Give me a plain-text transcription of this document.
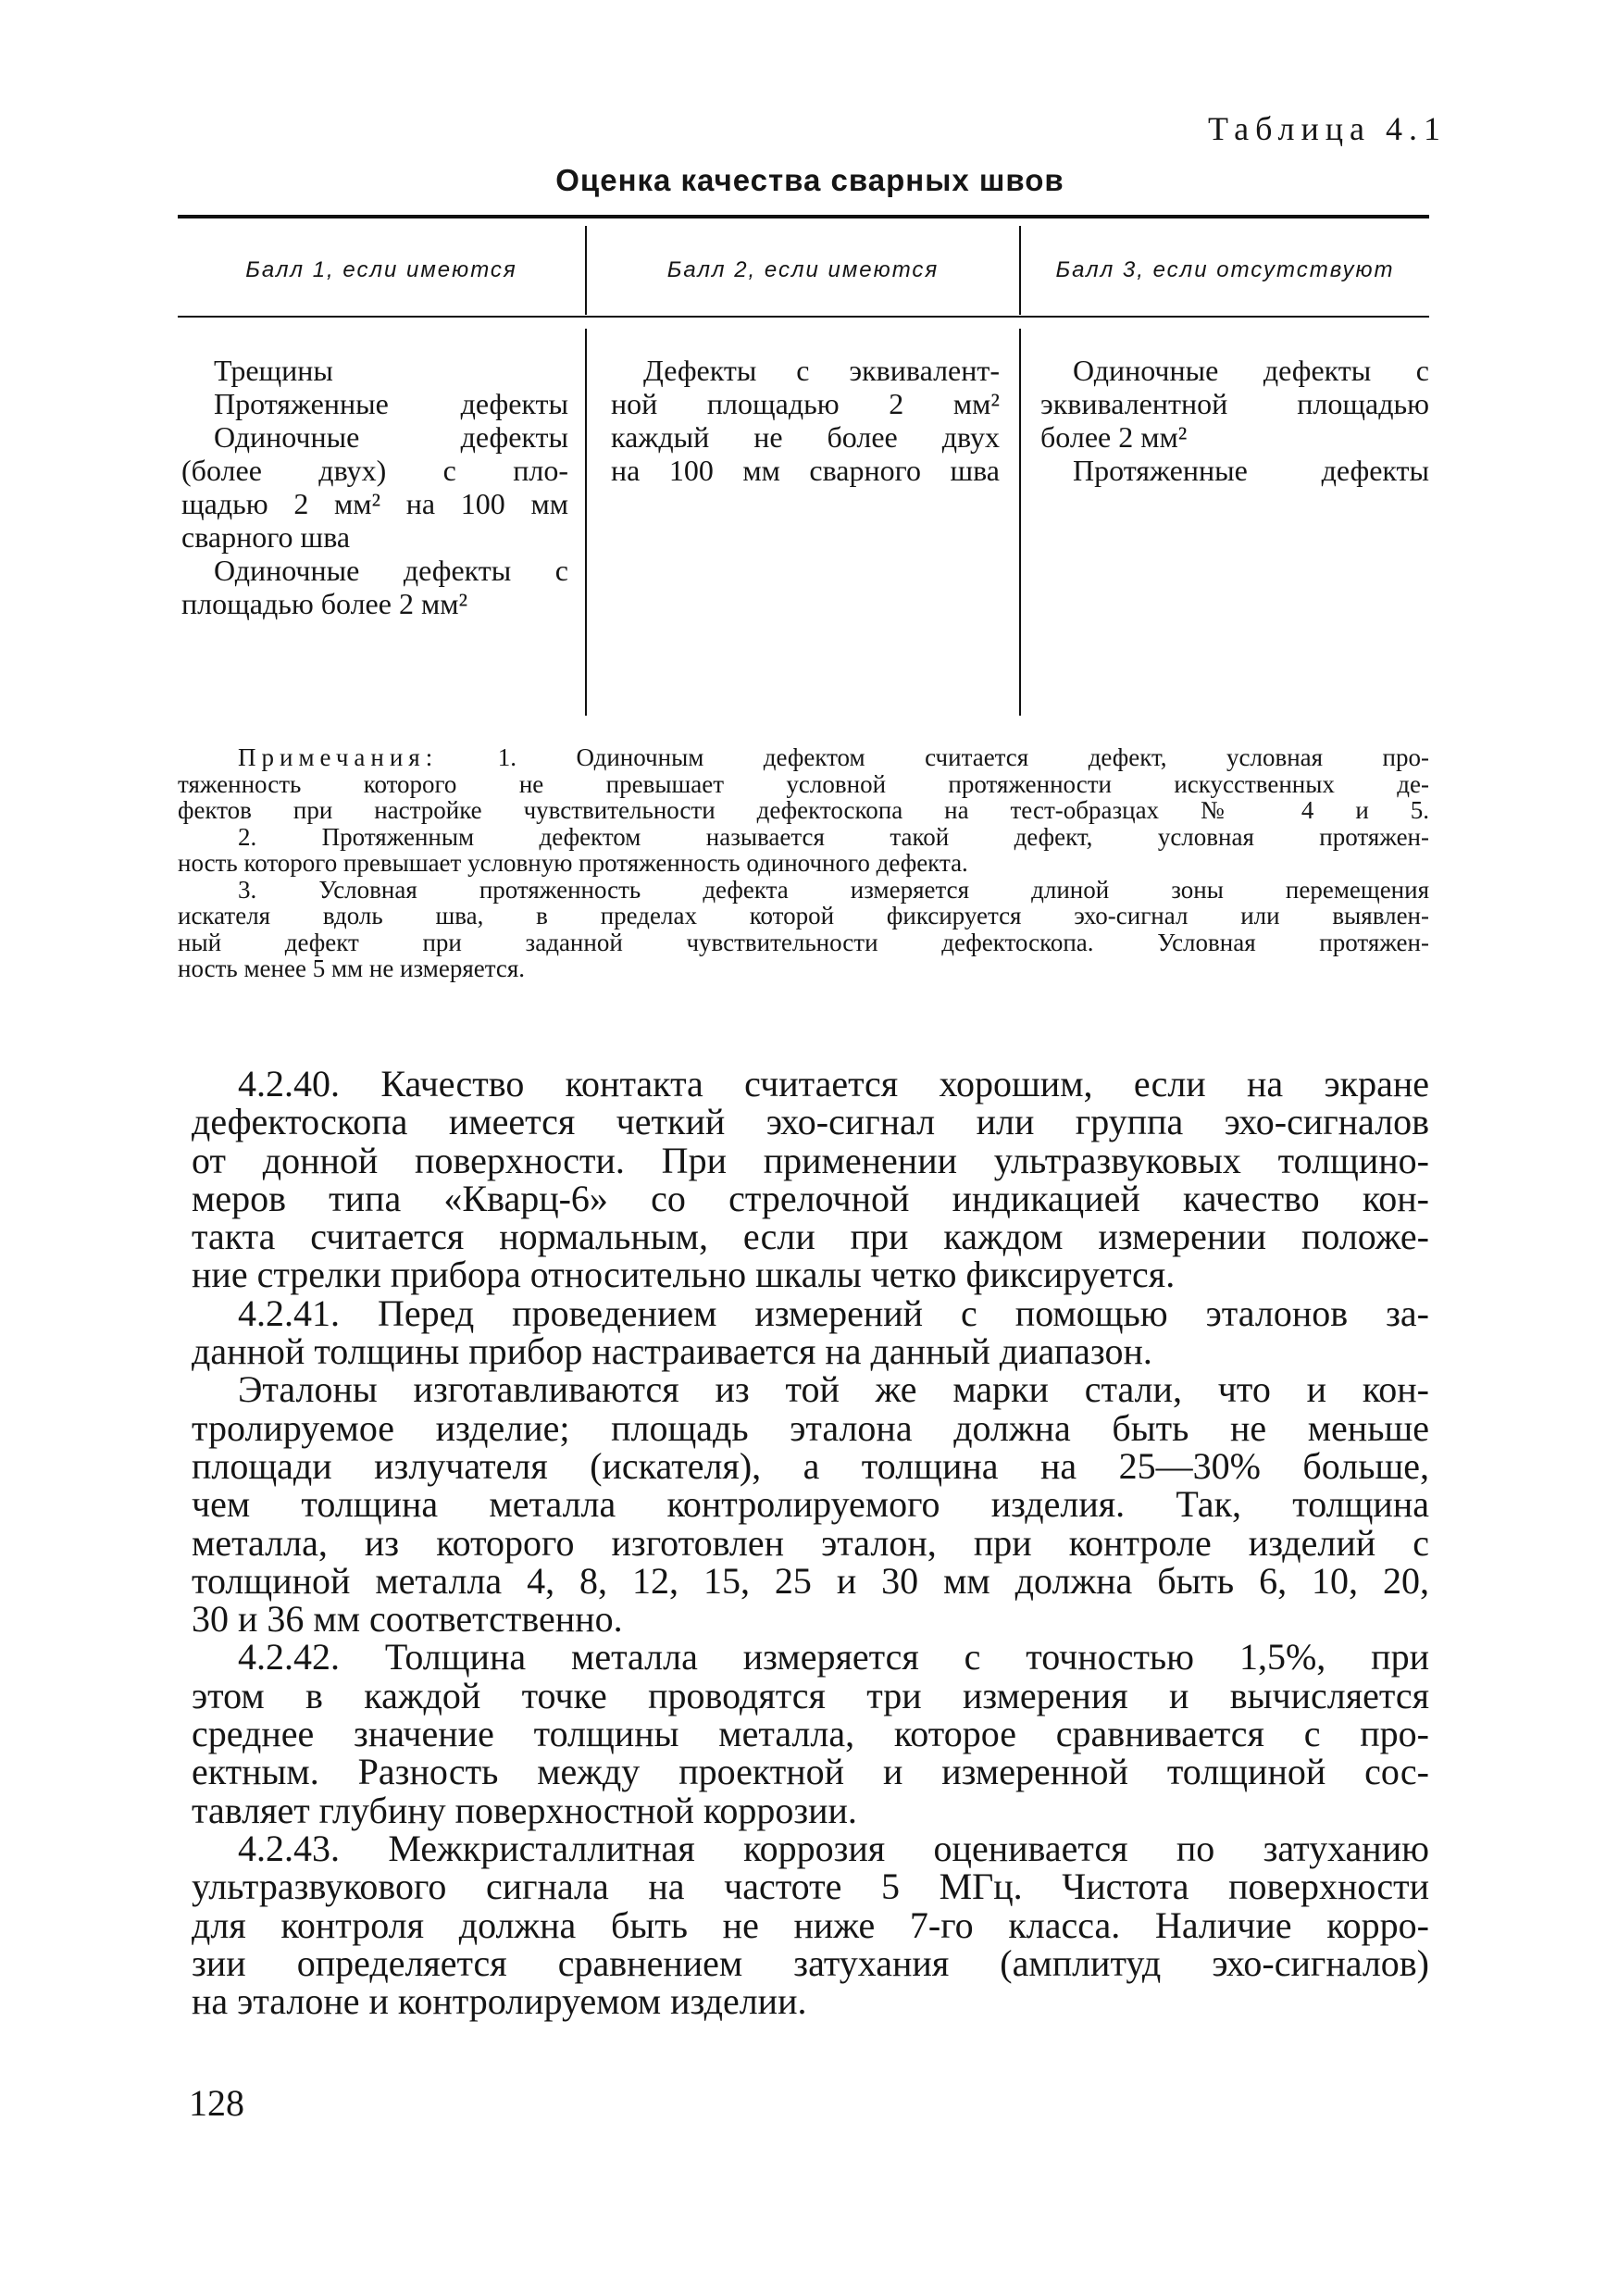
Таблица 4.1
Оценка качества сварных швов
Балл 1, если имеются	Балл 2, если имеются	Балл 3, если отсутствуют
Трещины
Протяженные дефекты
Одиночные дефекты
(более двух) с пло-
щадью 2 мм² на 100 мм
сварного шва
Одиночные дефекты с
площадью более 2 мм²
Дефекты с эквивалент-
ной площадью 2 мм²
каждый не более двух
на 100 мм сварного шва
Одиночные дефекты с
эквивалентной площадью
более 2 мм²
Протяженные дефекты
Примечания: 1. Одиночным дефектом считается дефект, условная про-
тяженность которого не превышает условной протяженности искусственных де-
фектов при настройке чувствительности дефектоскопа на тест-образцах № 4 и 5.
2. Протяженным дефектом называется такой дефект, условная протяжен-
ность которого превышает условную протяженность одиночного дефекта.
3. Условная протяженность дефекта измеряется длиной зоны перемещения
искателя вдоль шва, в пределах которой фиксируется эхо-сигнал или выявлен-
ный дефект при заданной чувствительности дефектоскопа. Условная протяжен-
ность менее 5 мм не измеряется.
4.2.40. Качество контакта считается хорошим, если на экране
дефектоскопа имеется четкий эхо-сигнал или группа эхо-сигналов
от донной поверхности. При применении ультразвуковых толщино-
меров типа «Кварц-6» со стрелочной индикацией качество кон-
такта считается нормальным, если при каждом измерении положе-
ние стрелки прибора относительно шкалы четко фиксируется.
4.2.41. Перед проведением измерений с помощью эталонов за-
данной толщины прибор настраивается на данный диапазон.
Эталоны изготавливаются из той же марки стали, что и кон-
тролируемое изделие; площадь эталона должна быть не меньше
площади излучателя (искателя), а толщина на 25—30% больше,
чем толщина металла контролируемого изделия. Так, толщина
металла, из которого изготовлен эталон, при контроле изделий с
толщиной металла 4, 8, 12, 15, 25 и 30 мм должна быть 6, 10, 20,
30 и 36 мм соответственно.
4.2.42. Толщина металла измеряется с точностью 1,5%, при
этом в каждой точке проводятся три измерения и вычисляется
среднее значение толщины металла, которое сравнивается с про-
ектным. Разность между проектной и измеренной толщиной сос-
тавляет глубину поверхностной коррозии.
4.2.43. Межкристаллитная коррозия оценивается по затуханию
ультразвукового сигнала на частоте 5 МГц. Чистота поверхности
для контроля должна быть не ниже 7-го класса. Наличие корро-
зии определяется сравнением затухания (амплитуд эхо-сигналов)
на эталоне и контролируемом изделии.
128
